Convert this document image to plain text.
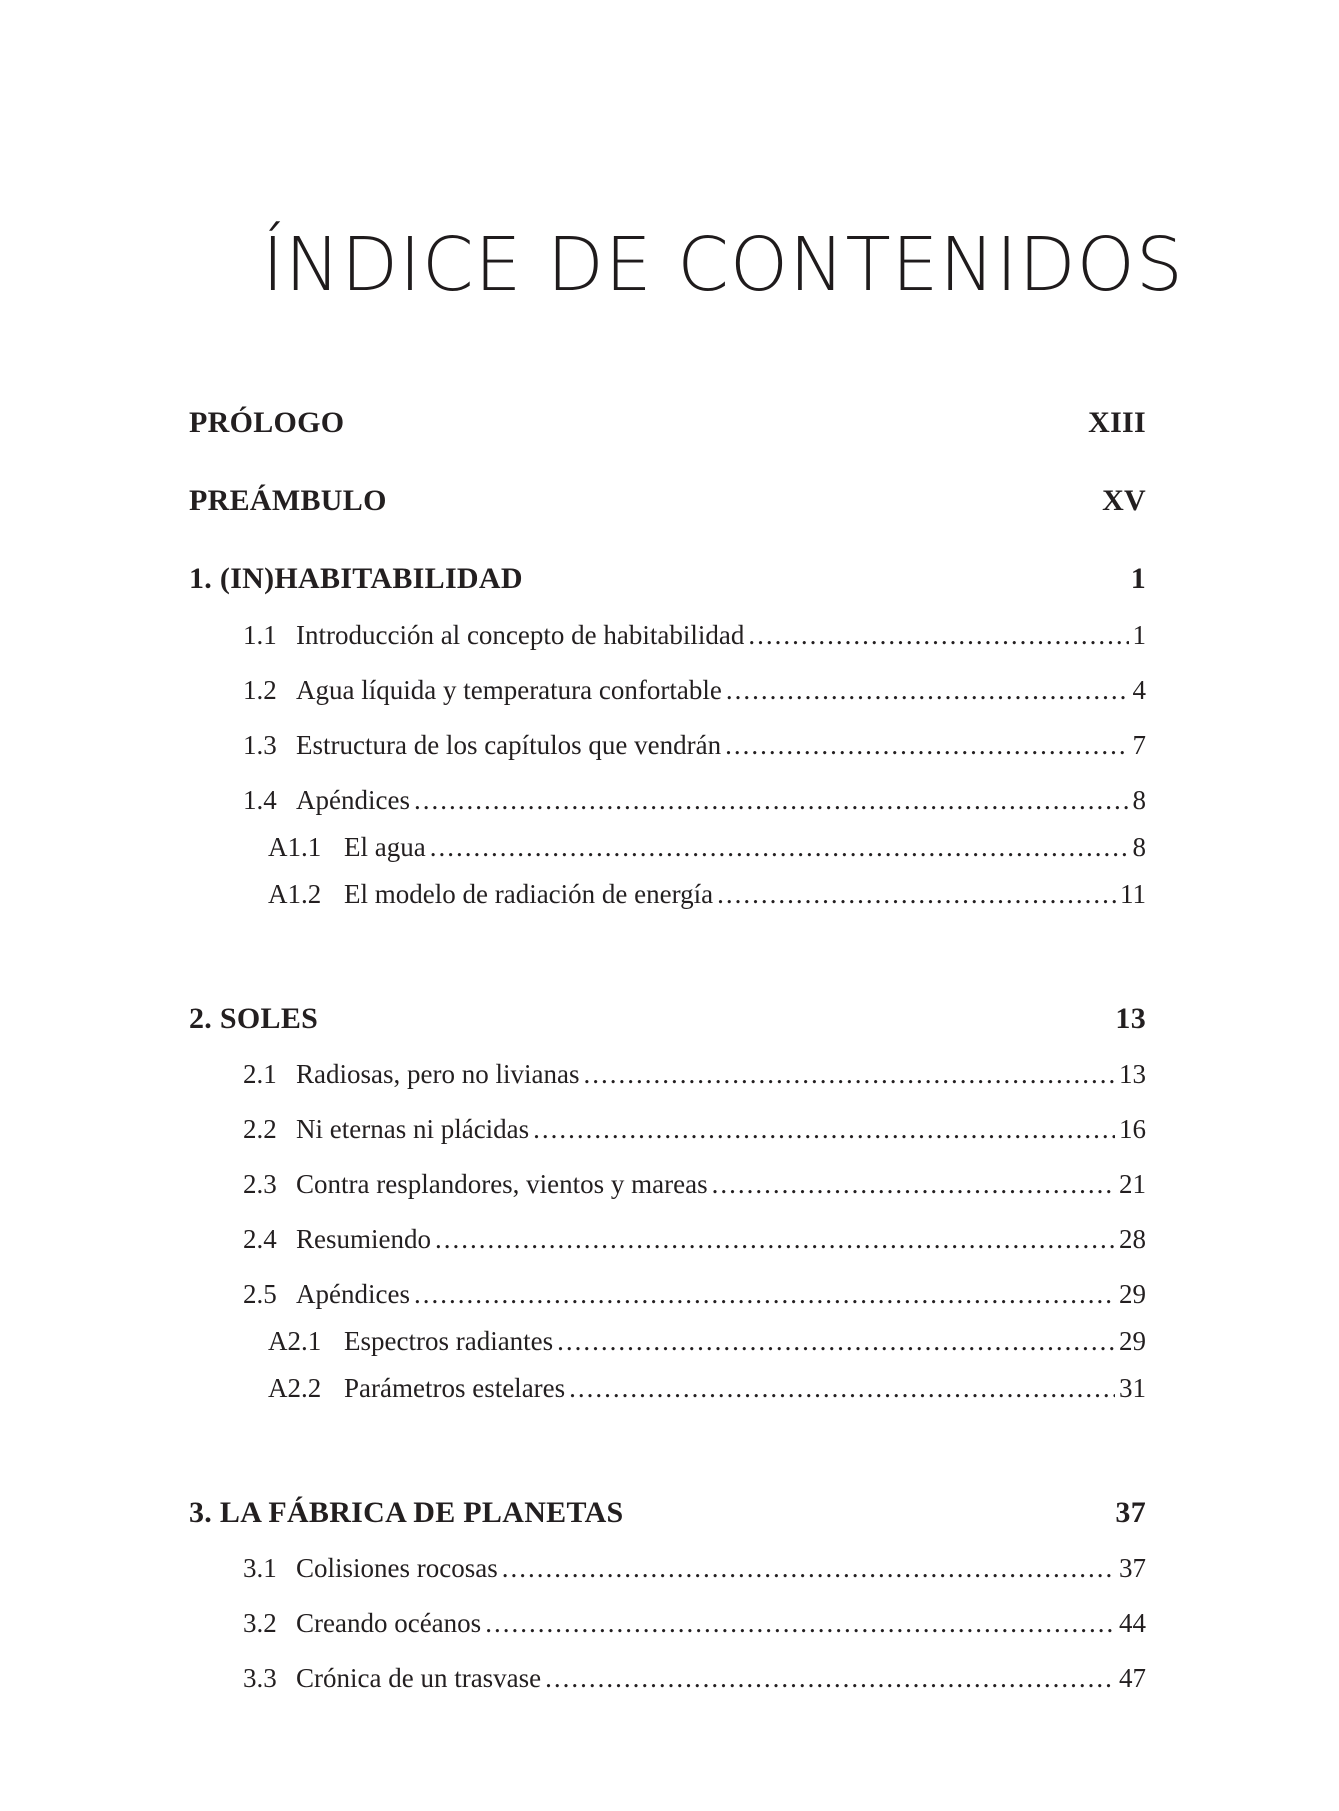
ÍNDICE DE CONTENIDOS
PRÓLOGO	XIII
PREÁMBULO	XV
1. (IN)HABITABILIDAD	1
1.1 Introducción al concepto de habitabilidad .....	1
1.2 Agua líquida y temperatura confortable .....	4
1.3 Estructura de los capítulos que vendrán .....	7
1.4 Apéndices .....	8
A1.1 El agua .....	8
A1.2 El modelo de radiación de energía .....	11
2. SOLES	13
2.1 Radiosas, pero no livianas .....	13
2.2 Ni eternas ni plácidas .....	16
2.3 Contra resplandores, vientos y mareas .....	21
2.4 Resumiendo .....	28
2.5 Apéndices .....	29
A2.1 Espectros radiantes .....	29
A2.2 Parámetros estelares .....	31
3. LA FÁBRICA DE PLANETAS	37
3.1 Colisiones rocosas .....	37
3.2 Creando océanos .....	44
3.3 Crónica de un trasvase .....	47
